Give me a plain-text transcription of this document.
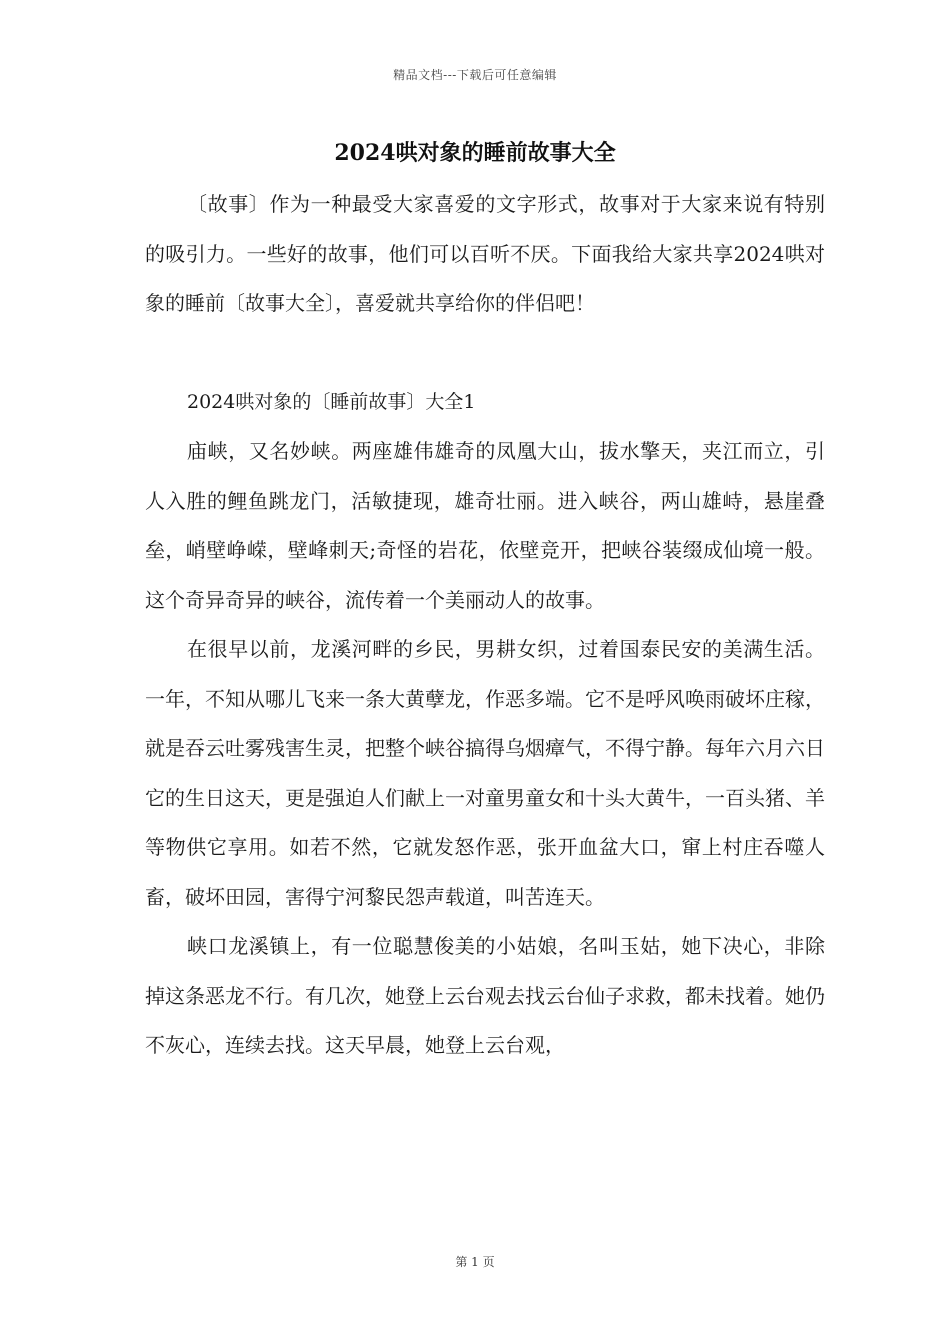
精品文档---下载后可任意编辑
2024哄对象的睡前故事大全

〔故事〕作为一种最受大家喜爱的文字形式，故事对于大家来说有特别的吸引力。一些好的故事，他们可以百听不厌。下面我给大家共享2024哄对象的睡前〔故事大全〕，喜爱就共享给你的伴侣吧！

2024哄对象的〔睡前故事〕大全1

庙峡，又名妙峡。两座雄伟雄奇的凤凰大山，拔水擎天，夹江而立，引人入胜的鲤鱼跳龙门，活敏捷现，雄奇壮丽。进入峡谷，两山雄峙，悬崖叠垒，峭壁峥嵘，壁峰刺天;奇怪的岩花，依壁竞开，把峡谷装缀成仙境一般。这个奇异奇异的峡谷，流传着一个美丽动人的故事。

在很早以前，龙溪河畔的乡民，男耕女织，过着国泰民安的美满生活。一年，不知从哪儿飞来一条大黄孽龙，作恶多端。它不是呼风唤雨破坏庄稼，就是吞云吐雾残害生灵，把整个峡谷搞得乌烟瘴气，不得宁静。每年六月六日它的生日这天，更是强迫人们献上一对童男童女和十头大黄牛，一百头猪、羊等物供它享用。如若不然，它就发怒作恶，张开血盆大口，窜上村庄吞噬人畜，破坏田园，害得宁河黎民怨声载道，叫苦连天。

峡口龙溪镇上，有一位聪慧俊美的小姑娘，名叫玉姑，她下决心，非除掉这条恶龙不行。有几次，她登上云台观去找云台仙子求救，都未找着。她仍不灰心，连续去找。这天早晨，她登上云台观，

第 1 页
